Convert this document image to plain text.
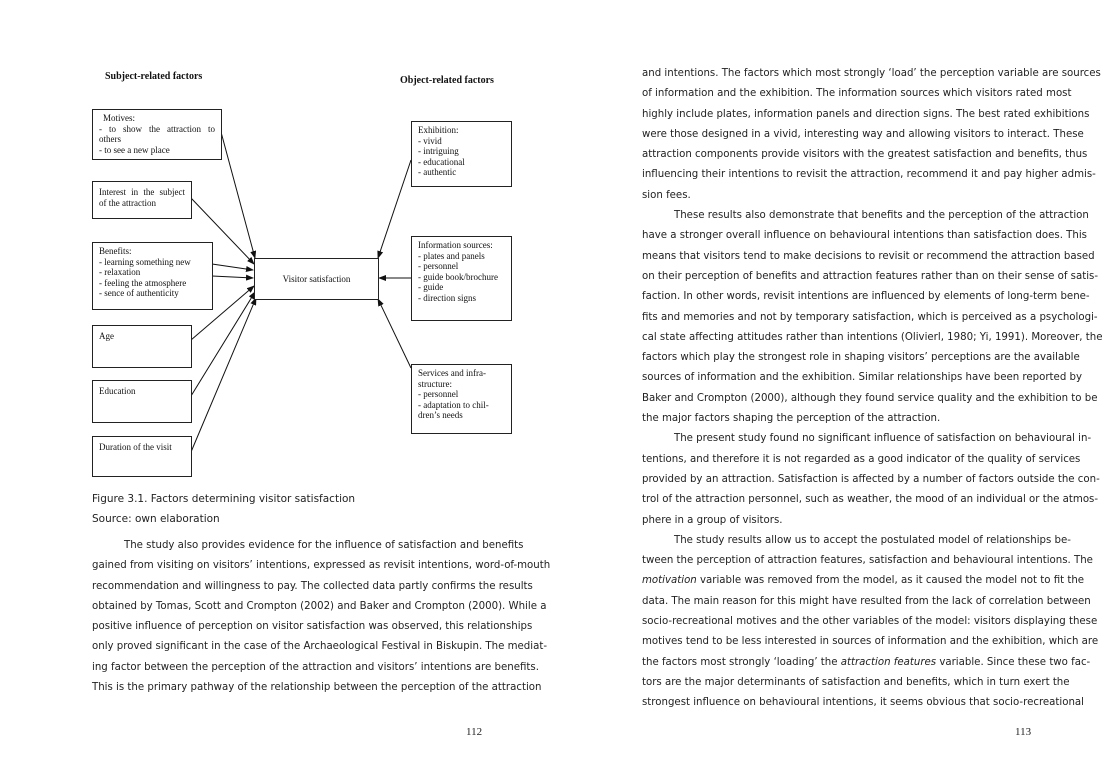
Subject-related factors	Object-related factors
Motives:
- to show the attraction to
others
- to see a new place
Interest in the subject
of the attraction
Benefits:
- learning something new
- relaxation
- feeling the atmosphere
- sence of authenticity
Age
Education
Duration of the visit
Visitor satisfaction
Exhibition:
- vivid
- intriguing
- educational
- authentic
Information sources:
- plates and panels
- personnel
- guide book/brochure
- guide
- direction signs
Services and infra-
structure:
- personnel
- adaptation to chil-
dren’s needs
Figure 3.1. Factors determining visitor satisfaction
Source: own elaboration
The study also provides evidence for the influence of satisfaction and benefits
gained from visiting on visitors’ intentions, expressed as revisit intentions, word-of-mouth
recommendation and willingness to pay. The collected data partly confirms the results
obtained by Tomas, Scott and Crompton (2002) and Baker and Crompton (2000). While a
positive influence of perception on visitor satisfaction was observed, this relationships
only proved significant in the case of the Archaeological Festival in Biskupin. The mediat-
ing factor between the perception of the attraction and visitors’ intentions are benefits.
This is the primary pathway of the relationship between the perception of the attraction
112
and intentions. The factors which most strongly ‘load’ the perception variable are sources
of information and the exhibition. The information sources which visitors rated most
highly include plates, information panels and direction signs. The best rated exhibitions
were those designed in a vivid, interesting way and allowing visitors to interact. These
attraction components provide visitors with the greatest satisfaction and benefits, thus
influencing their intentions to revisit the attraction, recommend it and pay higher admis-
sion fees.
These results also demonstrate that benefits and the perception of the attraction
have a stronger overall influence on behavioural intentions than satisfaction does. This
means that visitors tend to make decisions to revisit or recommend the attraction based
on their perception of benefits and attraction features rather than on their sense of satis-
faction. In other words, revisit intentions are influenced by elements of long-term bene-
fits and memories and not by temporary satisfaction, which is perceived as a psychologi-
cal state affecting attitudes rather than intentions (Olivierl, 1980; Yi, 1991). Moreover, the
factors which play the strongest role in shaping visitors’ perceptions are the available
sources of information and the exhibition. Similar relationships have been reported by
Baker and Crompton (2000), although they found service quality and the exhibition to be
the major factors shaping the perception of the attraction.
The present study found no significant influence of satisfaction on behavioural in-
tentions, and therefore it is not regarded as a good indicator of the quality of services
provided by an attraction. Satisfaction is affected by a number of factors outside the con-
trol of the attraction personnel, such as weather, the mood of an individual or the atmos-
phere in a group of visitors.
The study results allow us to accept the postulated model of relationships be-
tween the perception of attraction features, satisfaction and behavioural intentions. The
motivation variable was removed from the model, as it caused the model not to fit the
data. The main reason for this might have resulted from the lack of correlation between
socio-recreational motives and the other variables of the model: visitors displaying these
motives tend to be less interested in sources of information and the exhibition, which are
the factors most strongly ‘loading’ the attraction features variable. Since these two fac-
tors are the major determinants of satisfaction and benefits, which in turn exert the
strongest influence on behavioural intentions, it seems obvious that socio-recreational
113
